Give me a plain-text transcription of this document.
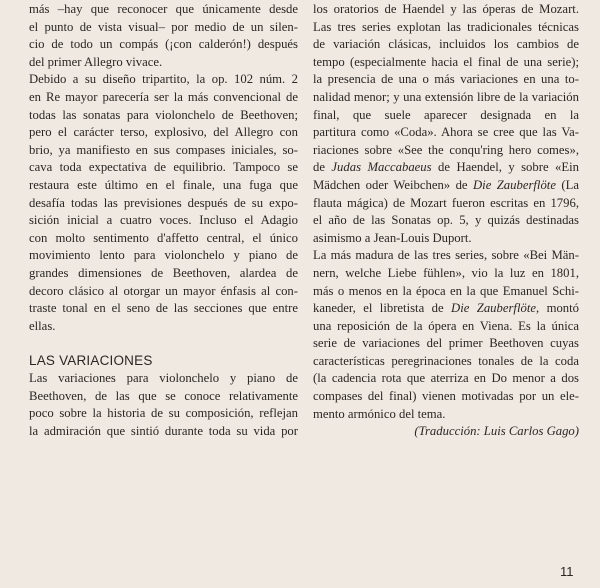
más –hay que reconocer que únicamente desde
el punto de vista visual– por medio de un silen-
cio de todo un compás (¡con calderón!) después
del primer Allegro vivace.
Debido a su diseño tripartito, la op. 102 núm. 2
en Re mayor parecería ser la más convencional de
todas las sonatas para violonchelo de Beethoven;
pero el carácter terso, explosivo, del Allegro con
brio, ya manifiesto en sus compases iniciales, so-
cava toda expectativa de equilibrio. Tampoco se
restaura este último en el finale, una fuga que
desafía todas las previsiones después de su expo-
sición inicial a cuatro voces. Incluso el Adagio
con molto sentimento d'affetto central, el único
movimiento lento para violonchelo y piano de
grandes dimensiones de Beethoven, alardea de
decoro clásico al otorgar un mayor énfasis al con-
traste tonal en el seno de las secciones que entre
ellas.
LAS VARIACIONES
Las variaciones para violonchelo y piano de
Beethoven, de las que se conoce relativamente
poco sobre la historia de su composición, reflejan
la admiración que sintió durante toda su vida por
los oratorios de Haendel y las óperas de Mozart.
Las tres series explotan las tradicionales técnicas
de variación clásicas, incluidos los cambios de
tempo (especialmente hacia el final de una serie);
la presencia de una o más variaciones en una to-
nalidad menor; y una extensión libre de la variación
final, que suele aparecer designada en la
partitura como «Coda». Ahora se cree que las Va-
riaciones sobre «See the conqu'ring hero comes»,
de Judas Maccabaeus de Haendel, y sobre «Ein
Mädchen oder Weibchen» de Die Zauberflöte (La
flauta mágica) de Mozart fueron escritas en 1796,
el año de las Sonatas op. 5, y quizás destinadas
asimismo a Jean-Louis Duport.
La más madura de las tres series, sobre «Bei Män-
nern, welche Liebe fühlen», vio la luz en 1801,
más o menos en la época en la que Emanuel Schi-
kaneder, el libretista de Die Zauberflöte, montó
una reposición de la ópera en Viena. Es la única
serie de variaciones del primer Beethoven cuyas
características peregrinaciones tonales de la coda
(la cadencia rota que aterriza en Do menor a dos
compases del final) vienen motivadas por un ele-
mento armónico del tema.
(Traducción: Luis Carlos Gago)
11
